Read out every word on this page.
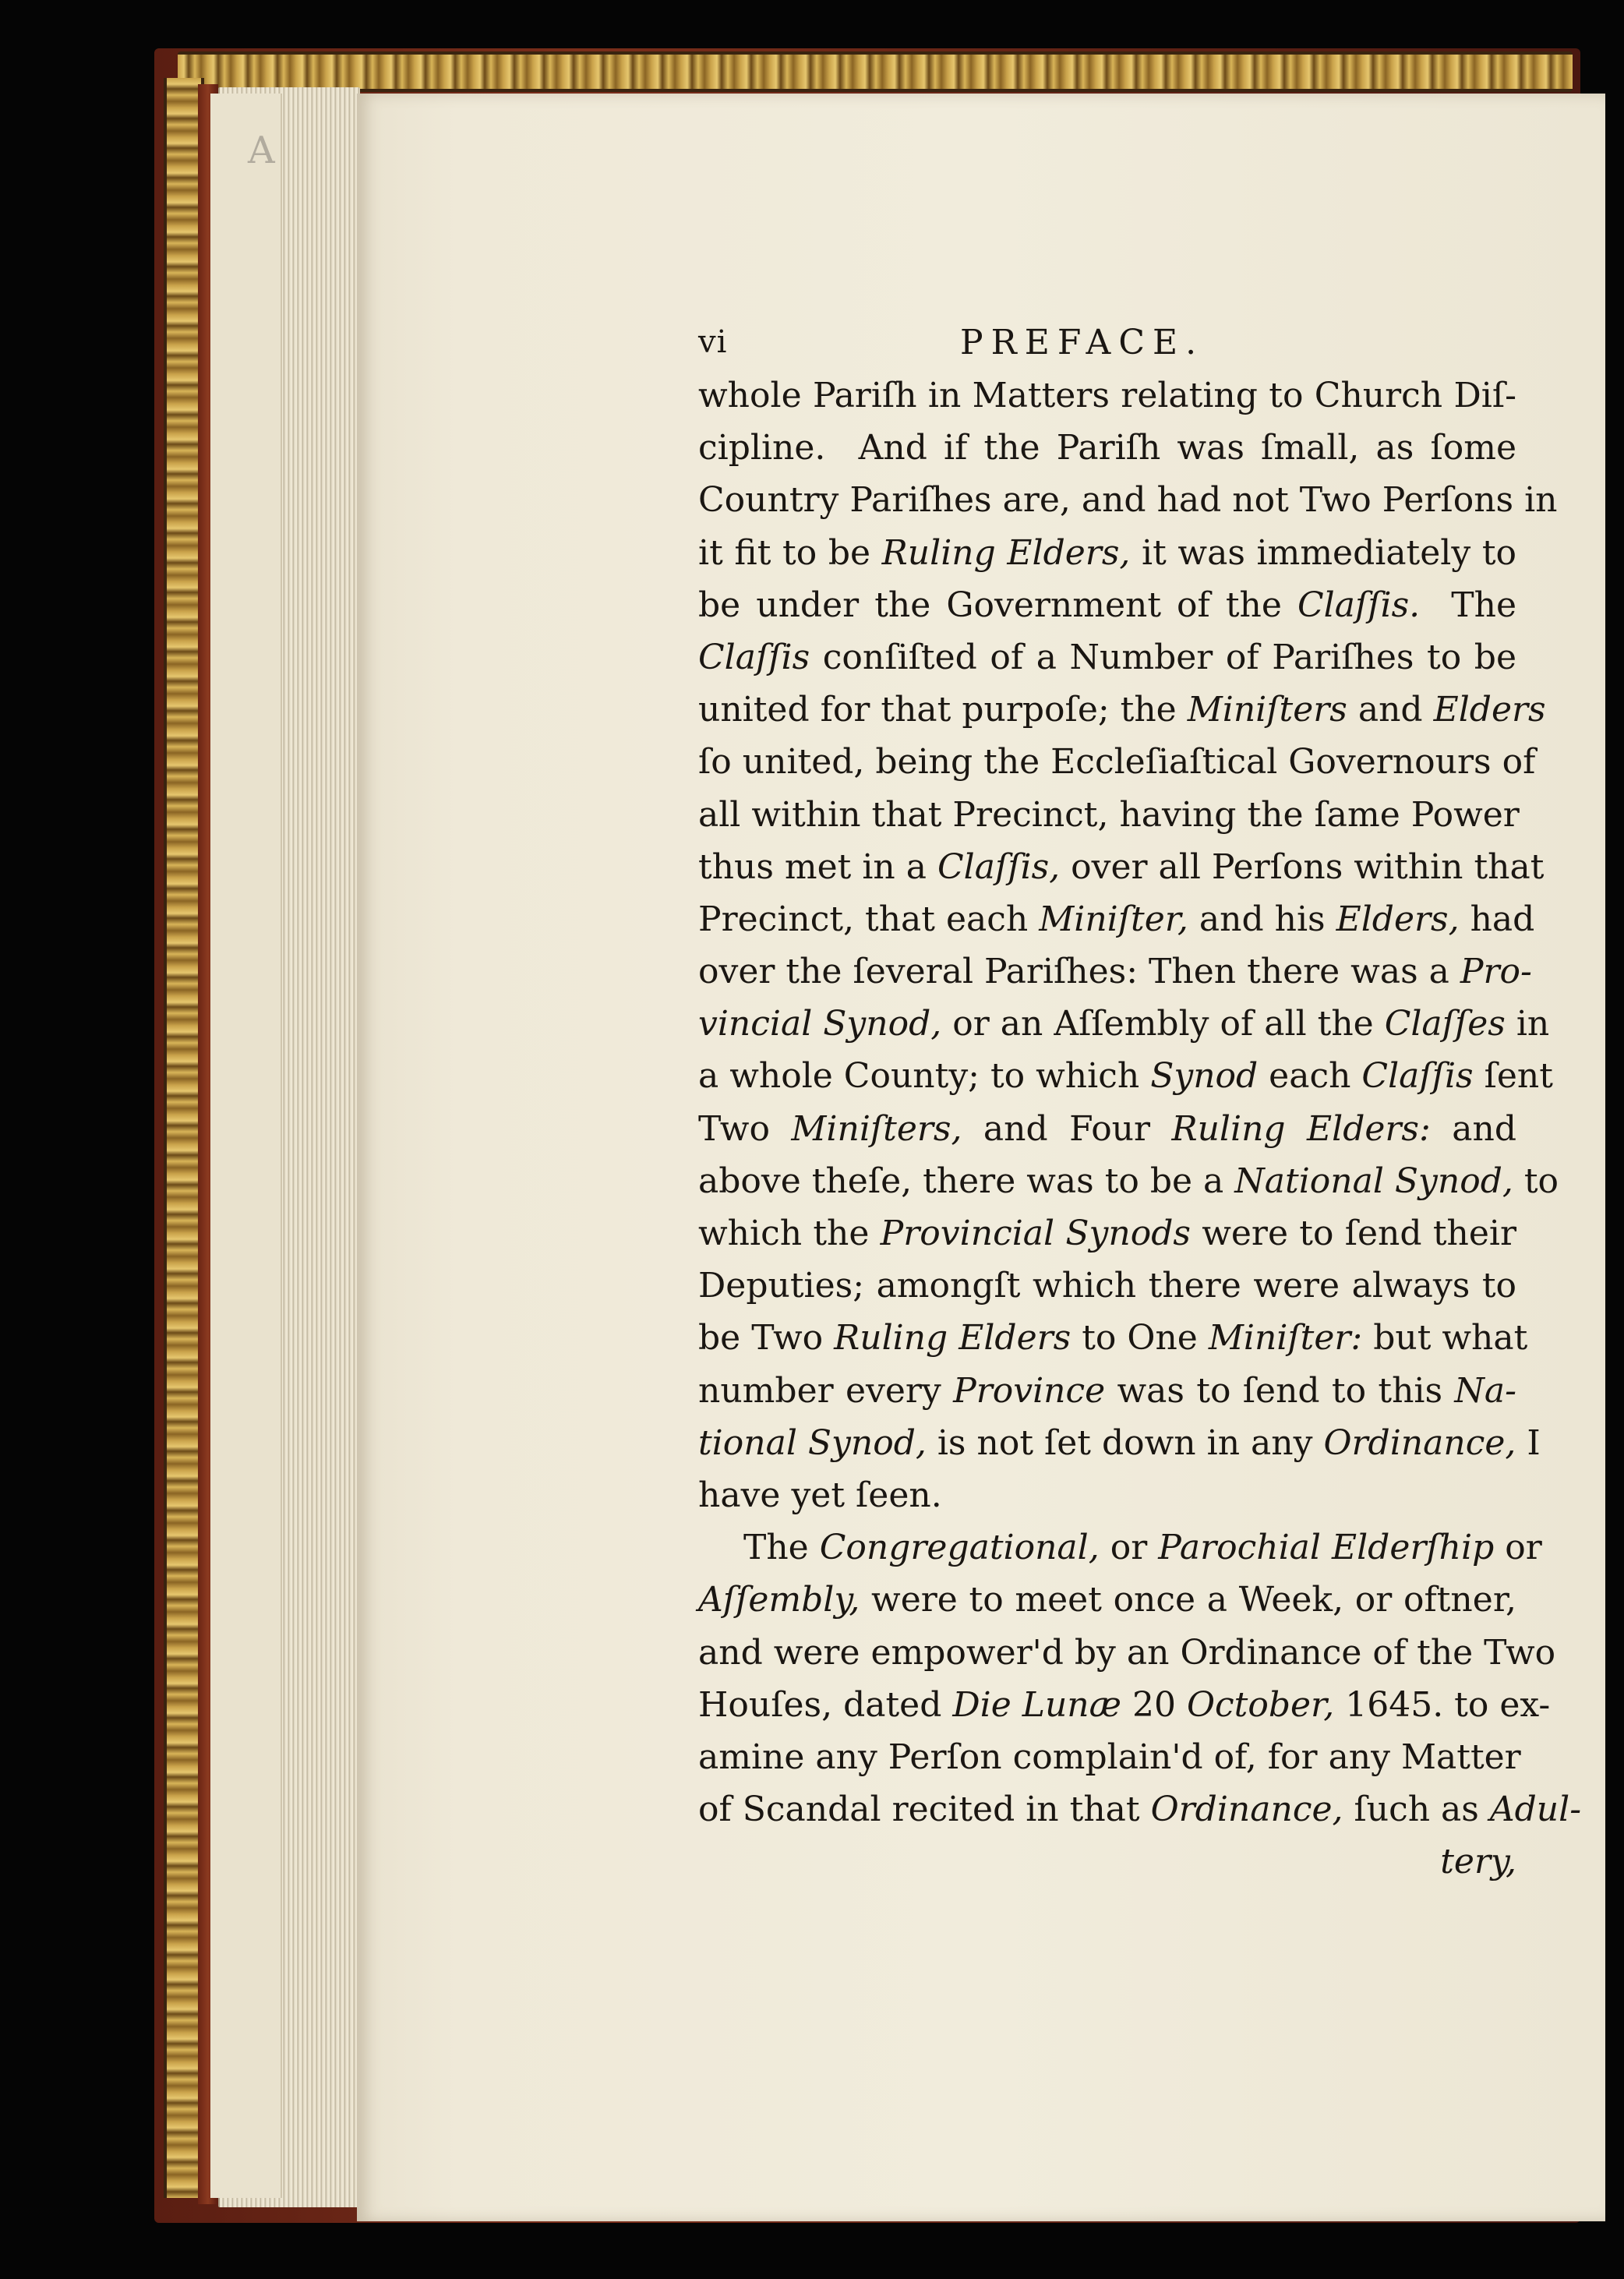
A
vi	PREFACE.
whole Pariſh in Matters relating to Church Diſ-
cipline.  And if the Pariſh was ſmall, as ſome
Country Pariſhes are, and had not Two Perſons in
it fit to be Ruling Elders, it was immediately to
be under the Government of the Claſſis.  The
Claſſis conſiſted of a Number of Pariſhes to be
united for that purpoſe; the Miniſters and Elders
ſo united, being the Eccleſiaſtical Governours of
all within that Precinct, having the ſame Power
thus met in a Claſſis, over all Perſons within that
Precinct, that each Miniſter, and his Elders, had
over the ſeveral Pariſhes: Then there was a Pro-
vincial Synod, or an Aſſembly of all the Claſſes in
a whole County; to which Synod each Claſſis ſent
Two Miniſters, and Four Ruling Elders: and
above theſe, there was to be a National Synod, to
which the Provincial Synods were to ſend their
Deputies; amongſt which there were always to
be Two Ruling Elders to One Miniſter: but what
number every Province was to ſend to this Na-
tional Synod, is not ſet down in any Ordinance, I
have yet ſeen.
The Congregational, or Parochial Elderſhip or
Aſſembly, were to meet once a Week, or oftner,
and were empower'd by an Ordinance of the Two
Houſes, dated Die Lunæ 20 October, 1645. to ex-
amine any Perſon complain'd of, for any Matter
of Scandal recited in that Ordinance, ſuch as Adul-
tery,
